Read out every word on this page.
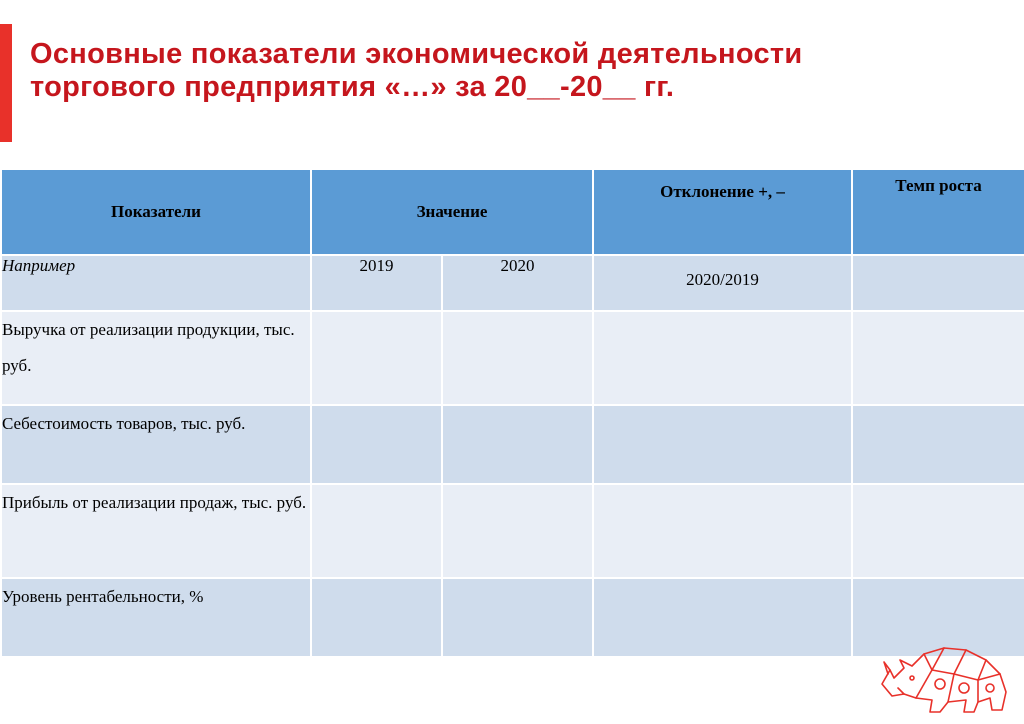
Основные показатели экономической деятельности
торгового предприятия «…» за 20__-20__ гг.
Показатели	Значение		Отклонение +, –	Темп роста
Например	2019	2020	2020/2019	
Выручка от реализации продукции, тыс. руб.				
Себестоимость товаров, тыс. руб.				
Прибыль от реализации продаж, тыс. руб.				
Уровень рентабельности, %				
